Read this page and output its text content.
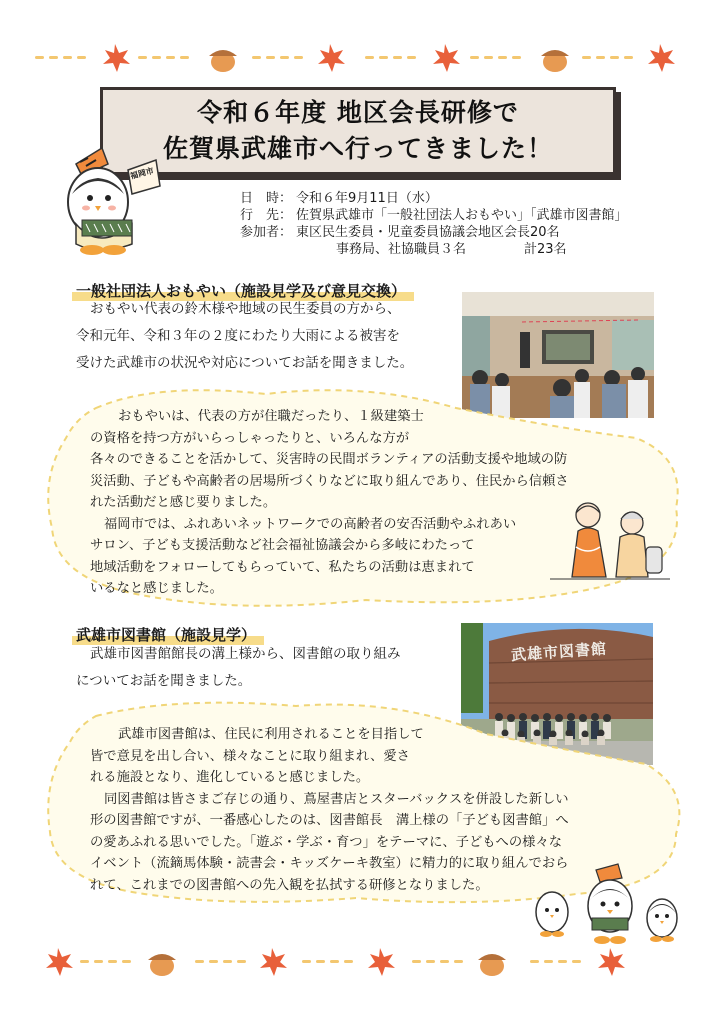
令和６年度 地区会長研修で
佐賀県武雄市へ行ってきました！
福岡市
日　時： 令和６年9月11日（水）
行　先： 佐賀県武雄市「一般社団法人おもやい」「武雄市図書館」
参加者： 東区民生委員・児童委員協議会地区会長20名
事務局、社協職員３名	計23名
一般社団法人おもやい（施設見学及び意見交換）
おもやい代表の鈴木様や地域の民生委員の方から、
令和元年、令和３年の２度にわたり大雨による被害を
受けた武雄市の状況や対応についてお話を聞きました。
おもやいは、代表の方が住職だったり、１級建築士
の資格を持つ方がいらっしゃったりと、いろんな方が
各々のできることを活かして、災害時の民間ボランティアの活動支援や地域の防
災活動、子どもや高齢者の居場所づくりなどに取り組んであり、住民から信頼さ
れた活動だと感じ要りました。
福岡市では、ふれあいネットワークでの高齢者の安否活動やふれあい
サロン、子ども支援活動など社会福祉協議会から多岐にわたって
地域活動をフォローしてもらっていて、私たちの活動は恵まれて
いるなと感じました。
武雄市図書館（施設見学）
武雄市図書館館長の溝上様から、図書館の取り組み
についてお話を聞きました。
武雄市図書館
武雄市図書館は、住民に利用されることを目指して
皆で意見を出し合い、様々なことに取り組まれ、愛さ
れる施設となり、進化していると感じました。
同図書館は皆さまご存じの通り、蔦屋書店とスターバックスを併設した新しい
形の図書館ですが、一番感心したのは、図書館長　溝上様の「子ども図書館」へ
の愛あふれる思いでした。「遊ぶ・学ぶ・育つ」をテーマに、子どもへの様々な
イベント（流鏑馬体験・読書会・キッズケーキ教室）に精力的に取り組んでおら
れて、これまでの図書館への先入観を払拭する研修となりました。
